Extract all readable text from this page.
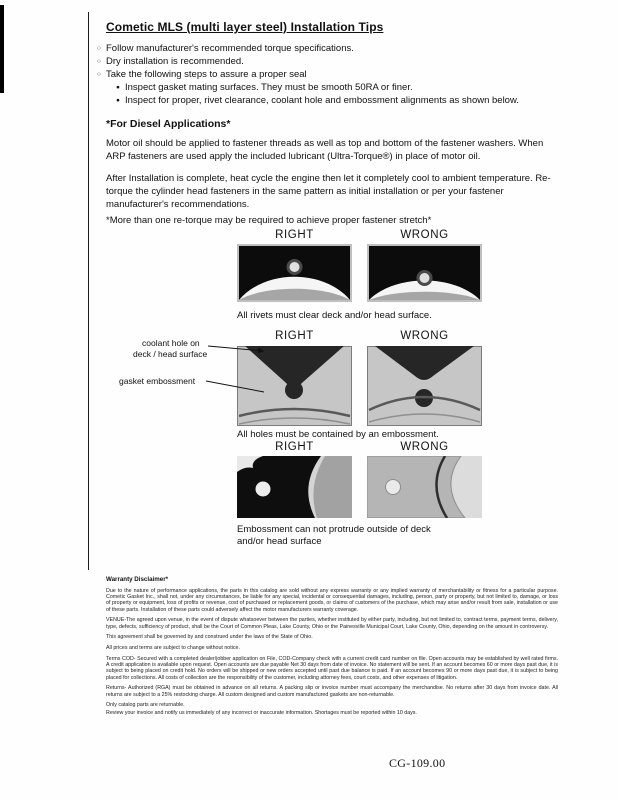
Cometic MLS (multi layer steel) Installation Tips
○
Follow manufacturer's recommended torque specifications.
○
Dry installation is recommended.
○
Take the following steps to assure a proper seal
●
Inspect gasket mating surfaces. They must be smooth 50RA or finer.
●
Inspect for proper, rivet clearance, coolant hole and embossment alignments as shown below.
*For Diesel Applications*

Motor oil should be applied to fastener threads as well as top and bottom of the fastener washers. When ARP fasteners are used apply the included lubricant (Ultra-Torque®) in place of motor oil.

After Installation is complete, heat cycle the engine then let it completely cool to ambient temperature. Re-torque the cylinder head fasteners in the same pattern as initial installation or per your fastener manufacturer's recommendations.

*More than one re-torque may be required to achieve proper fastener stretch*

RIGHT	WRONG
All rivets must clear deck and/or head surface.
coolant hole on
deck / head surface
gasket embossment
RIGHT	WRONG
All holes must be contained by an embossment.
RIGHT	WRONG
Embossment can not protrude outside of deck
and/or head surface
Warranty Disclaimer*

Due to the nature of performance applications, the parts in this catalog are sold without any express warranty or any implied warranty of merchantability or fitness for a particular purpose. Cometic Gasket Inc., shall not, under any circumstances, be liable for any special, incidental or consequential damages, including, person, party or property, but not limited to, damage, or loss of property or equipment, loss of profits or revenue, cost of purchased or replacement goods, or claims of customers of the purchase, which may arise and/or result from sale, installation or use of these parts. Installation of these parts could adversely affect the motor manufacturers warranty coverage.

VENUE-The agreed upon venue, in the event of dispute whatsoever between the parties, whether instituted by either party, including, but not limited to, contract terms, payment terms, delivery, type, defects, sufficiency of product, shall be the Court of Common Pleas, Lake County, Ohio or the Painesville Municipal Court, Lake County, Ohio, depending on the amount in controversy.

This agreement shall be governed by and construed under the laws of the State of Ohio.

All prices and terms are subject to change without notice.

Terms COD- Secured with a completed dealer/jobber application on File, COD-Company check with a current credit card number on file. Open accounts may be established by well rated firms. A credit application is available upon request. Open accounts are due payable Net 30 days from date of invoice. No statement will be sent. If an account becomes 60 or more days past due, it is subject to being placed on credit hold. No orders will be shipped or new orders accepted until past due balance is paid. If an account becomes 90 or more days past due, it is subject to being placed for collections. All costs of collection are the responsibility of the customer, including attorney fees, court costs, and other expenses of litigation.

Returns- Authorized (RGA) must be obtained in advance on all returns. A packing slip or invoice number must accompany the merchandise. No returns after 30 days from invoice date. All returns are subject to a 25% restocking charge. All custom designed and custom manufactured gaskets are non-returnable.

Only catalog parts are returnable.

Review your invoice and notify us immediately of any incorrect or inaccurate information. Shortages must be reported within 10 days.

CG-109.00
